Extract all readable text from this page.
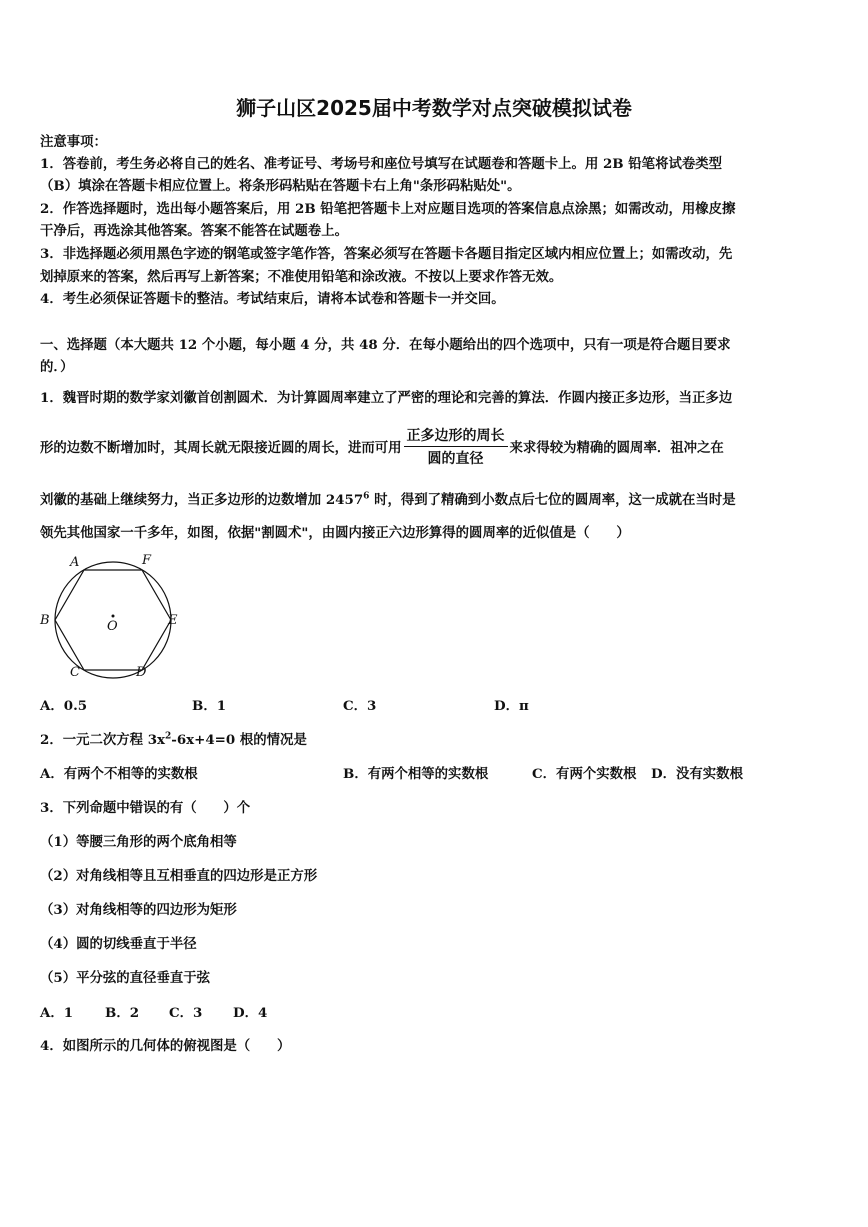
狮子山区2025届中考数学对点突破模拟试卷
注意事项：
1．答卷前，考生务必将自己的姓名、准考证号、考场号和座位号填写在试题卷和答题卡上。用 2B 铅笔将试卷类型
（B）填涂在答题卡相应位置上。将条形码粘贴在答题卡右上角"条形码粘贴处"。
2．作答选择题时，选出每小题答案后，用 2B 铅笔把答题卡上对应题目选项的答案信息点涂黑；如需改动，用橡皮擦
干净后，再选涂其他答案。答案不能答在试题卷上。
3．非选择题必须用黑色字迹的钢笔或签字笔作答，答案必须写在答题卡各题目指定区域内相应位置上；如需改动，先
划掉原来的答案，然后再写上新答案；不准使用铅笔和涂改液。不按以上要求作答无效。
4．考生必须保证答题卡的整洁。考试结束后，请将本试卷和答题卡一并交回。
一、选择题（本大题共 12 个小题，每小题 4 分，共 48 分．在每小题给出的四个选项中，只有一项是符合题目要求
的．）
1．魏晋时期的数学家刘徽首创割圆术．为计算圆周率建立了严密的理论和完善的算法．作圆内接正多边形，当正多边
形的边数不断增加时，其周长就无限接近圆的周长，进而可用 $\frac{\text{正多边形的周长}}{\text{圆的直径}}$ 来求得较为精确的圆周率．祖冲之在
刘徽的基础上继续努力，当正多边形的边数增加 2457$^6$ 时，得到了精确到小数点后七位的圆周率，这一成就在当时是
领先其他国家一千多年，如图，依据"割圆术"，由圆内接正六边形算得的圆周率的近似值是（　　）
A	F
B	O	E
C	D
A．0.5	B．1	C．3	D．π
2．一元二次方程 $3x^2-6x+4=0$ 根的情况是
A．有两个不相等的实数根	B．有两个相等的实数根	C．有两个实数根 D．没有实数根
3．下列命题中错误的有（　　）个
（1）等腰三角形的两个底角相等
（2）对角线相等且互相垂直的四边形是正方形
（3）对角线相等的四边形为矩形
（4）圆的切线垂直于半径
（5）平分弦的直径垂直于弦
A．1 B．2 C．3 D．4
4．如图所示的几何体的俯视图是（　　）
